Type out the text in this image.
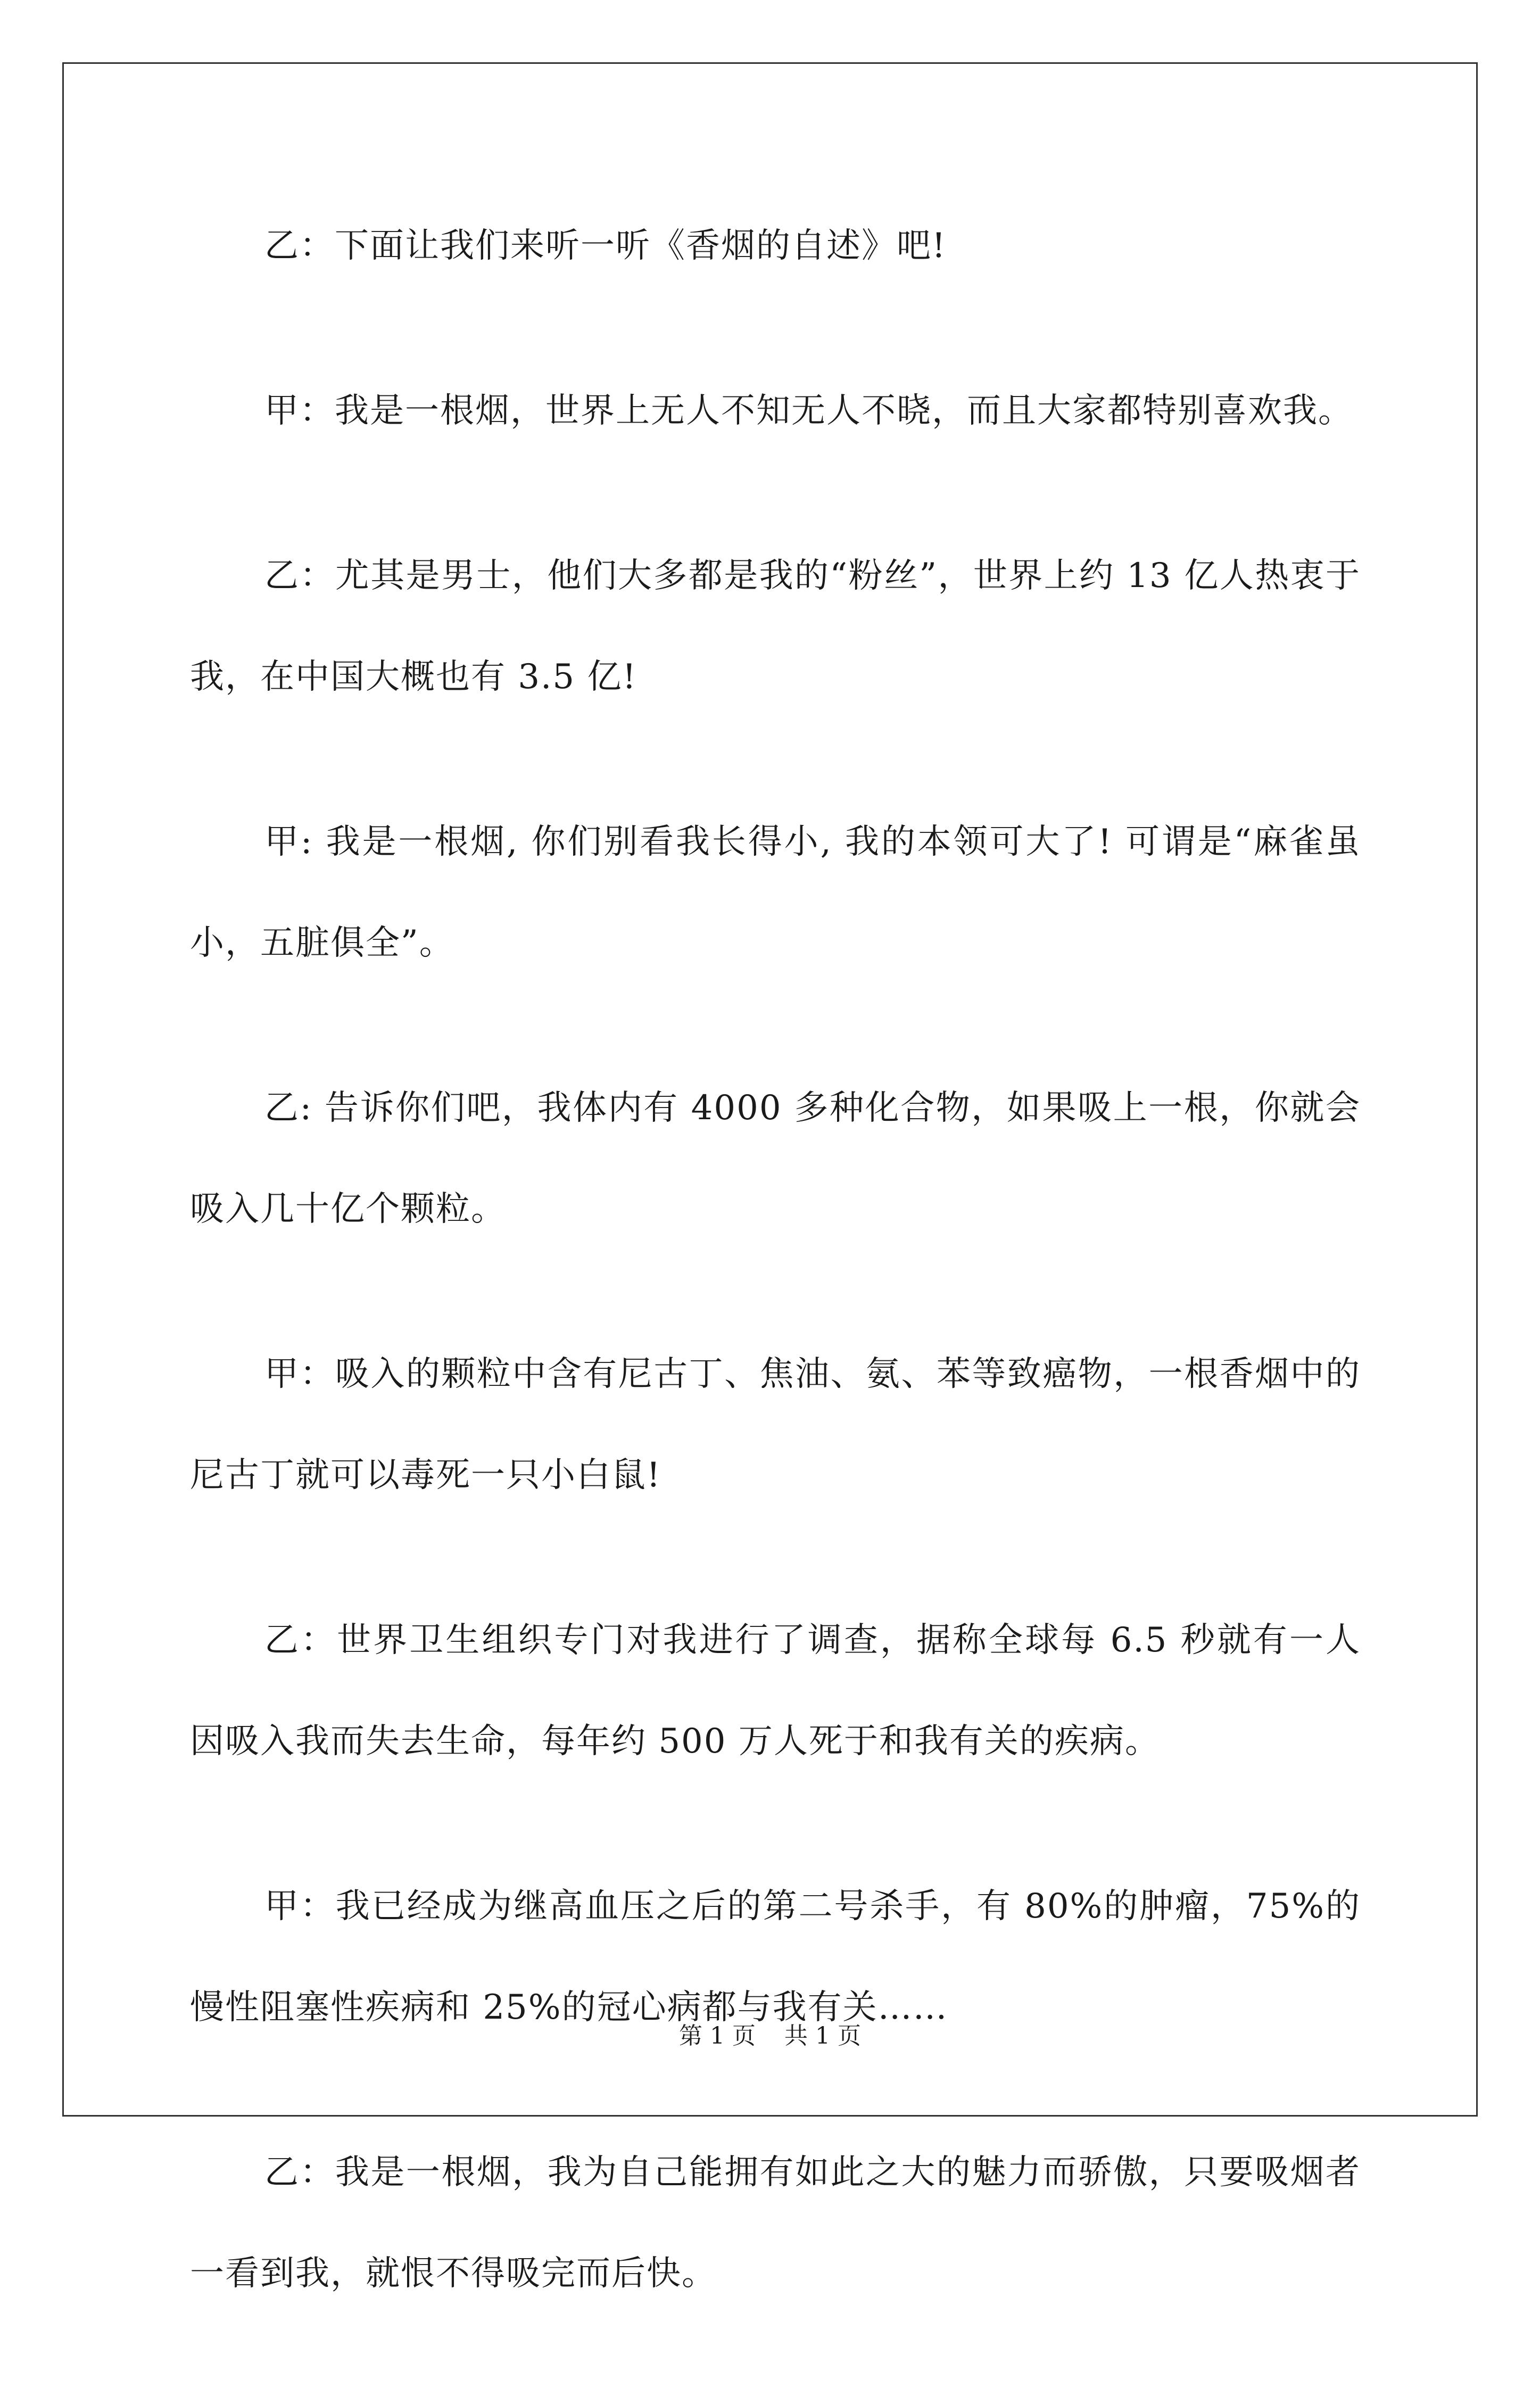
乙：下面让我们来听一听《香烟的自述》吧!

甲：我是一根烟，世界上无人不知无人不晓，而且大家都特别喜欢我。

乙：尤其是男士，他们大多都是我的“粉丝”，世界上约 13 亿人热衷于我，在中国大概也有 3.5 亿!

甲: 我是一根烟, 你们别看我长得小, 我的本领可大了! 可谓是“麻雀虽小，五脏俱全”。

乙: 告诉你们吧，我体内有 4000 多种化合物，如果吸上一根，你就会吸入几十亿个颗粒。

甲：吸入的颗粒中含有尼古丁、焦油、氨、苯等致癌物，一根香烟中的尼古丁就可以毒死一只小白鼠!

乙：世界卫生组织专门对我进行了调查，据称全球每 6.5 秒就有一人因吸入我而失去生命，每年约 500 万人死于和我有关的疾病。

甲：我已经成为继高血压之后的第二号杀手，有 80%的肿瘤，75%的慢性阻塞性疾病和 25%的冠心病都与我有关……

乙：我是一根烟，我为自己能拥有如此之大的魅力而骄傲，只要吸烟者一看到我，就恨不得吸完而后快。

第 1 页 共 1 页
